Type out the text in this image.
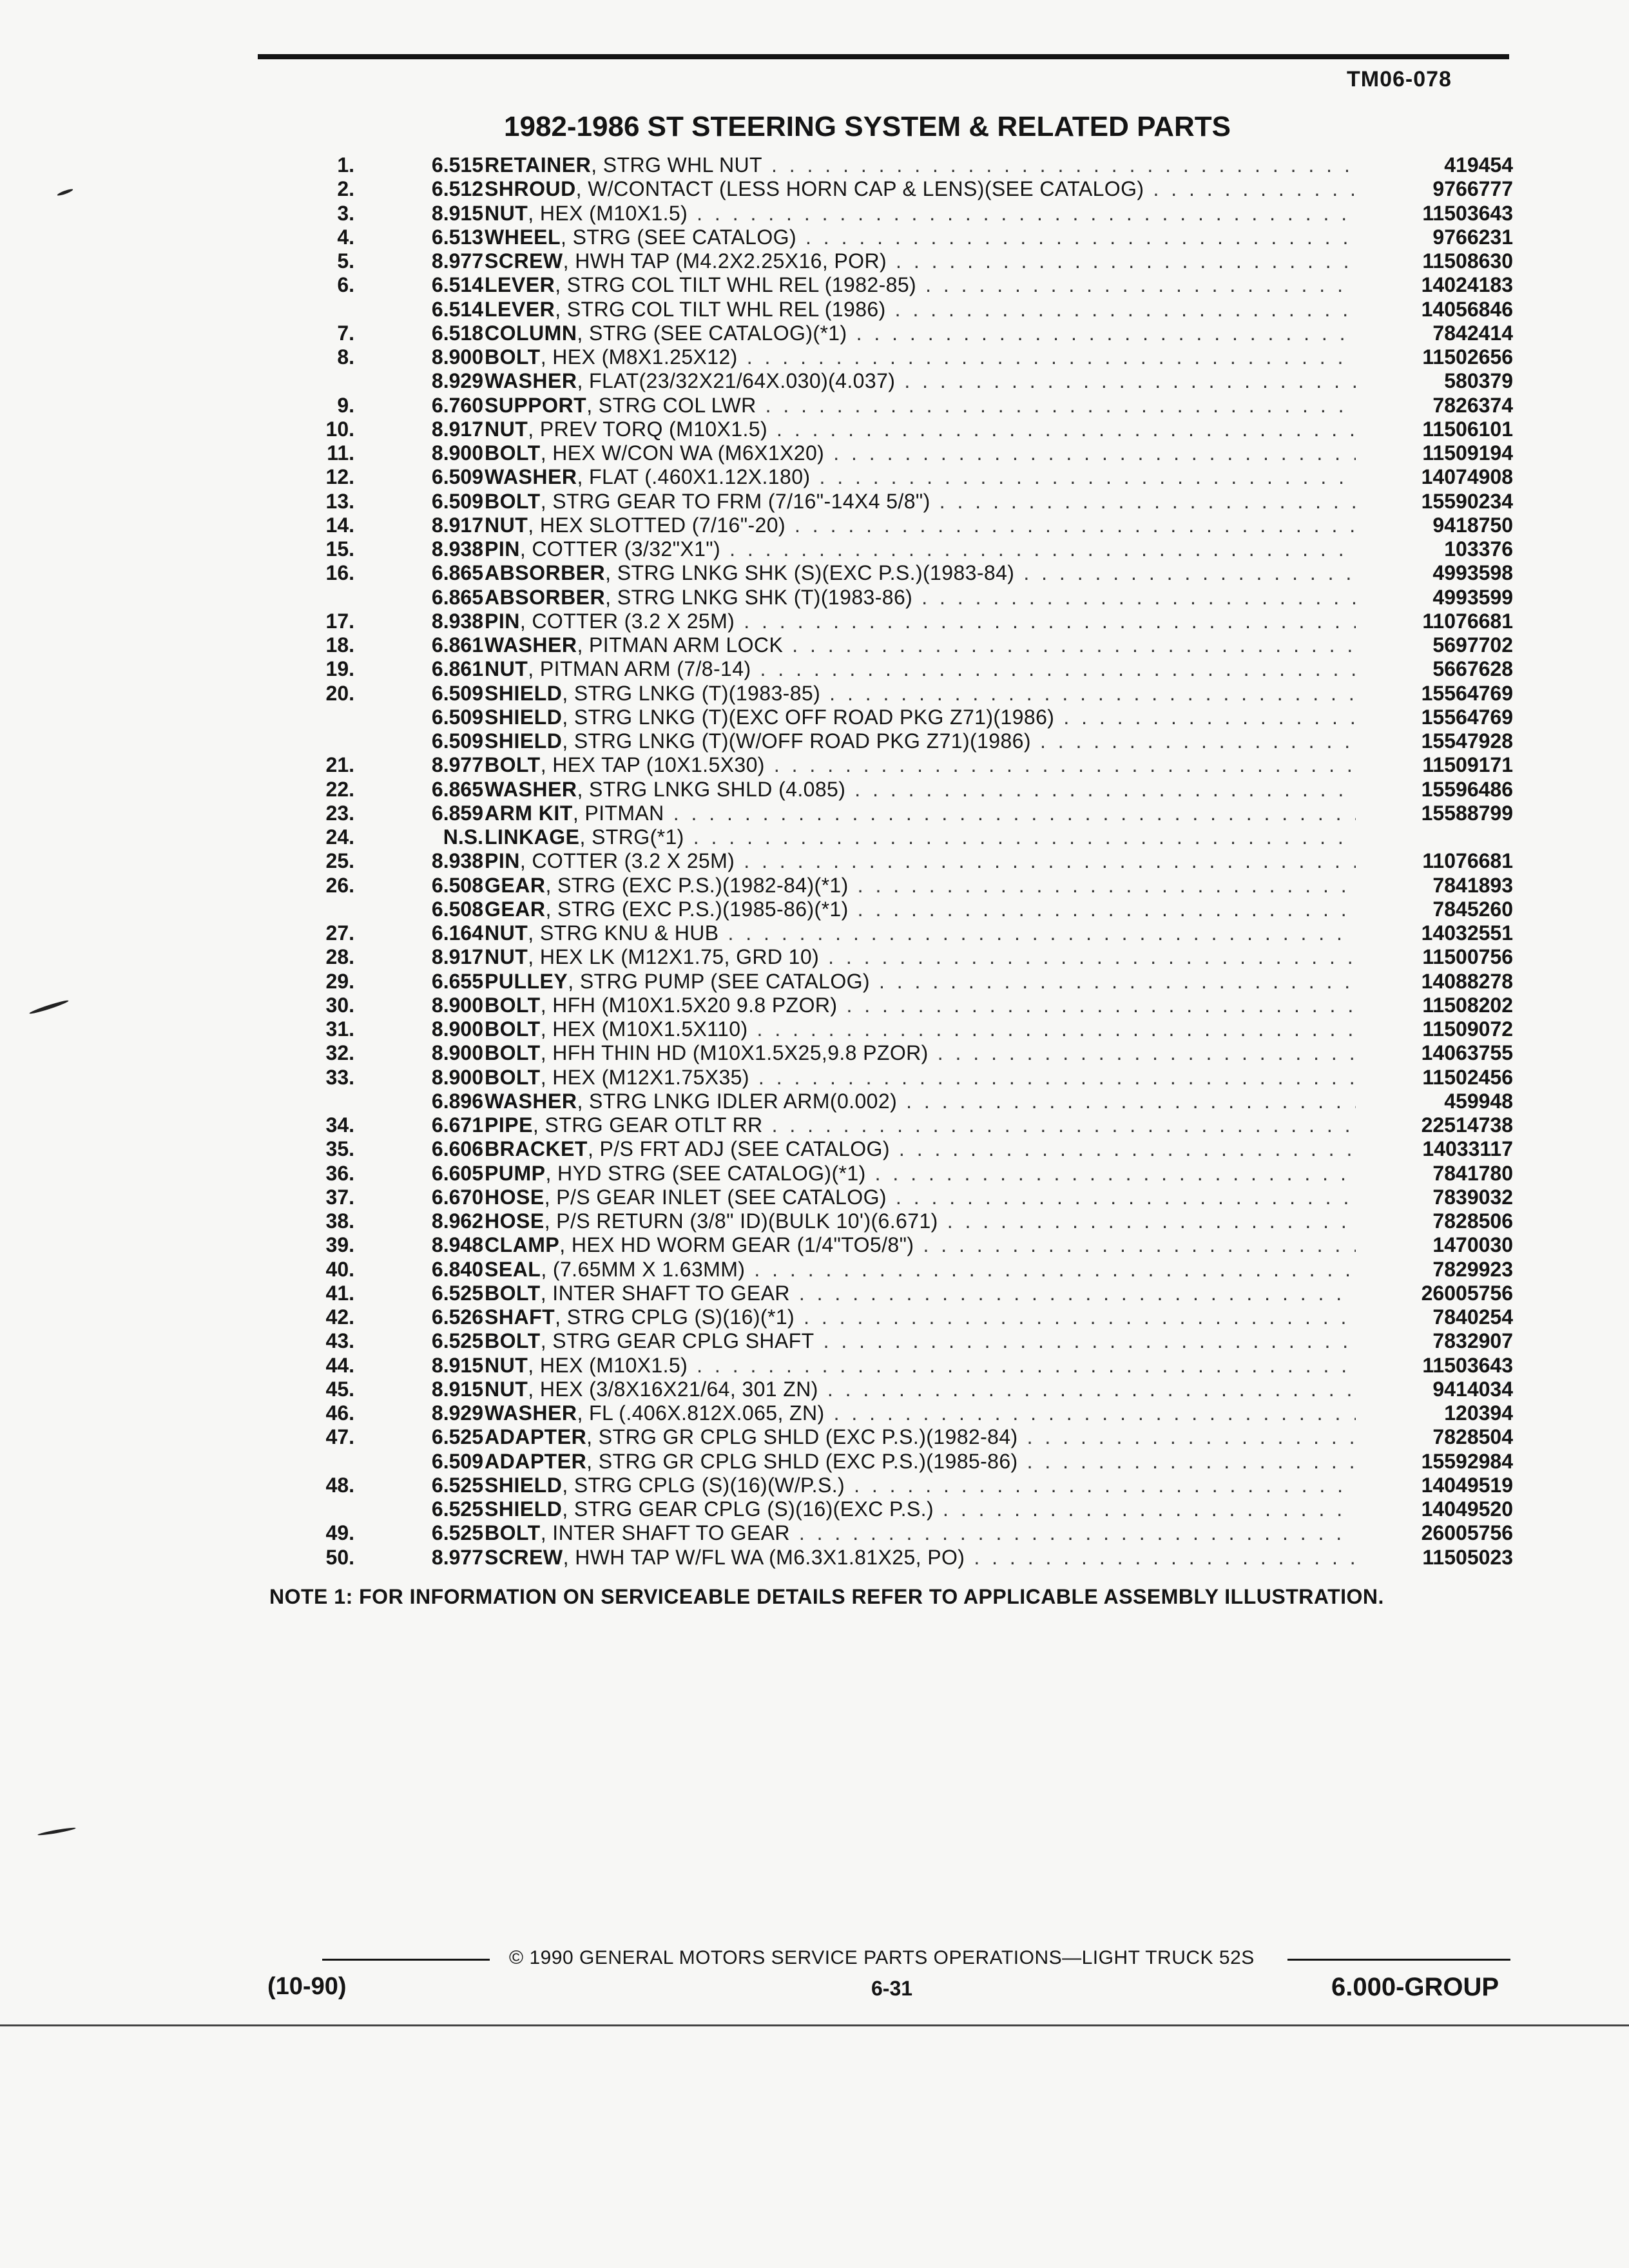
TM06-078
1982-1986 ST STEERING SYSTEM & RELATED PARTS
1.	6.515 RETAINER , STRG WHL NUT . . .	419454
2.	6.512 SHROUD , W/CONTACT (LESS HORN CAP & LENS)(SEE CATALOG) . . .	9766777
3.	8.915 NUT , HEX (M10X1.5) . . .	11503643
4.	6.513 WHEEL , STRG (SEE CATALOG) . . .	9766231
5.	8.977 SCREW , HWH TAP (M4.2X2.25X16, POR) . . .	11508630
6.	6.514 LEVER , STRG COL TILT WHL REL (1982-85) . . .	14024183
6.514 LEVER , STRG COL TILT WHL REL (1986) . . .	14056846
7.	6.518 COLUMN , STRG (SEE CATALOG)(*1) . . .	7842414
8.	8.900 BOLT , HEX (M8X1.25X12) . . .	11502656
8.929 WASHER , FLAT(23/32X21/64X.030)(4.037) . . .	580379
9.	6.760 SUPPORT , STRG COL LWR . . .	7826374
10.	8.917 NUT , PREV TORQ (M10X1.5) . . .	11506101
11.	8.900 BOLT , HEX W/CON WA (M6X1X20) . . .	11509194
12.	6.509 WASHER , FLAT (.460X1.12X.180) . . .	14074908
13.	6.509 BOLT , STRG GEAR TO FRM (7/16"-14X4 5/8") . . .	15590234
14.	8.917 NUT , HEX SLOTTED (7/16"-20) . . .	9418750
15.	8.938 PIN , COTTER (3/32"X1") . . .	103376
16.	6.865 ABSORBER , STRG LNKG SHK (S)(EXC P.S.)(1983-84) . . .	4993598
6.865 ABSORBER , STRG LNKG SHK (T)(1983-86) . . .	4993599
17.	8.938 PIN , COTTER (3.2 X 25M) . . .	11076681
18.	6.861 WASHER , PITMAN ARM LOCK . . .	5697702
19.	6.861 NUT , PITMAN ARM (7/8-14) . . .	5667628
20.	6.509 SHIELD , STRG LNKG (T)(1983-85) . . .	15564769
6.509 SHIELD , STRG LNKG (T)(EXC OFF ROAD PKG Z71)(1986) . . .	15564769
6.509 SHIELD , STRG LNKG (T)(W/OFF ROAD PKG Z71)(1986) . . .	15547928
21.	8.977 BOLT , HEX TAP (10X1.5X30) . . .	11509171
22.	6.865 WASHER , STRG LNKG SHLD (4.085) . . .	15596486
23.	6.859 ARM KIT , PITMAN . . .	15588799
24.	N.S. LINKAGE , STRG(*1)
. . .
25.	8.938 PIN , COTTER (3.2 X 25M) . . .	11076681
26.	6.508 GEAR , STRG (EXC P.S.)(1982-84)(*1) . . .	7841893
6.508 GEAR , STRG (EXC P.S.)(1985-86)(*1) . . .	7845260
27.	6.164 NUT , STRG KNU & HUB . . .	14032551
28.	8.917 NUT , HEX LK (M12X1.75, GRD 10) . . .	11500756
29.	6.655 PULLEY , STRG PUMP (SEE CATALOG) . . .	14088278
30.	8.900 BOLT , HFH (M10X1.5X20 9.8 PZOR) . . .	11508202
31.	8.900 BOLT , HEX (M10X1.5X110) . . .	11509072
32.	8.900 BOLT , HFH THIN HD (M10X1.5X25,9.8 PZOR) . . .	14063755
33.	8.900 BOLT , HEX (M12X1.75X35) . . .	11502456
6.896 WASHER , STRG LNKG IDLER ARM(0.002) . . .	459948
34.	6.671 PIPE , STRG GEAR OTLT RR . . .	22514738
35.	6.606 BRACKET , P/S FRT ADJ (SEE CATALOG) . . .	14033117
36.	6.605 PUMP , HYD STRG (SEE CATALOG)(*1) . . .	7841780
37.	6.670 HOSE , P/S GEAR INLET (SEE CATALOG) . . .	7839032
38.	8.962 HOSE , P/S RETURN (3/8" ID)(BULK 10')(6.671) . . .	7828506
39.	8.948 CLAMP , HEX HD WORM GEAR (1/4"TO5/8") . . .	1470030
40.	6.840 SEAL , (7.65MM X 1.63MM) . . .	7829923
41.	6.525 BOLT , INTER SHAFT TO GEAR . . .	26005756
42.	6.526 SHAFT , STRG CPLG (S)(16)(*1) . . .	7840254
43.	6.525 BOLT , STRG GEAR CPLG SHAFT . . .	7832907
44.	8.915 NUT , HEX (M10X1.5) . . .	11503643
45.	8.915 NUT , HEX (3/8X16X21/64, 301 ZN) . . .	9414034
46.	8.929 WASHER , FL (.406X.812X.065, ZN) . . .	120394
47.	6.525 ADAPTER , STRG GR CPLG SHLD (EXC P.S.)(1982-84) . . .	7828504
6.509 ADAPTER , STRG GR CPLG SHLD (EXC P.S.)(1985-86) . . .	15592984
48.	6.525 SHIELD , STRG CPLG (S)(16)(W/P.S.) . . .	14049519
6.525 SHIELD , STRG GEAR CPLG (S)(16)(EXC P.S.) . . .	14049520
49.	6.525 BOLT , INTER SHAFT TO GEAR . . .	26005756
50.	8.977 SCREW , HWH TAP W/FL WA (M6.3X1.81X25, PO) . . .	11505023
NOTE 1: FOR INFORMATION ON SERVICEABLE DETAILS REFER TO APPLICABLE ASSEMBLY ILLUSTRATION.
© 1990 GENERAL MOTORS SERVICE PARTS OPERATIONS—LIGHT TRUCK 52S
(10-90)	6-31	6.000-GROUP
